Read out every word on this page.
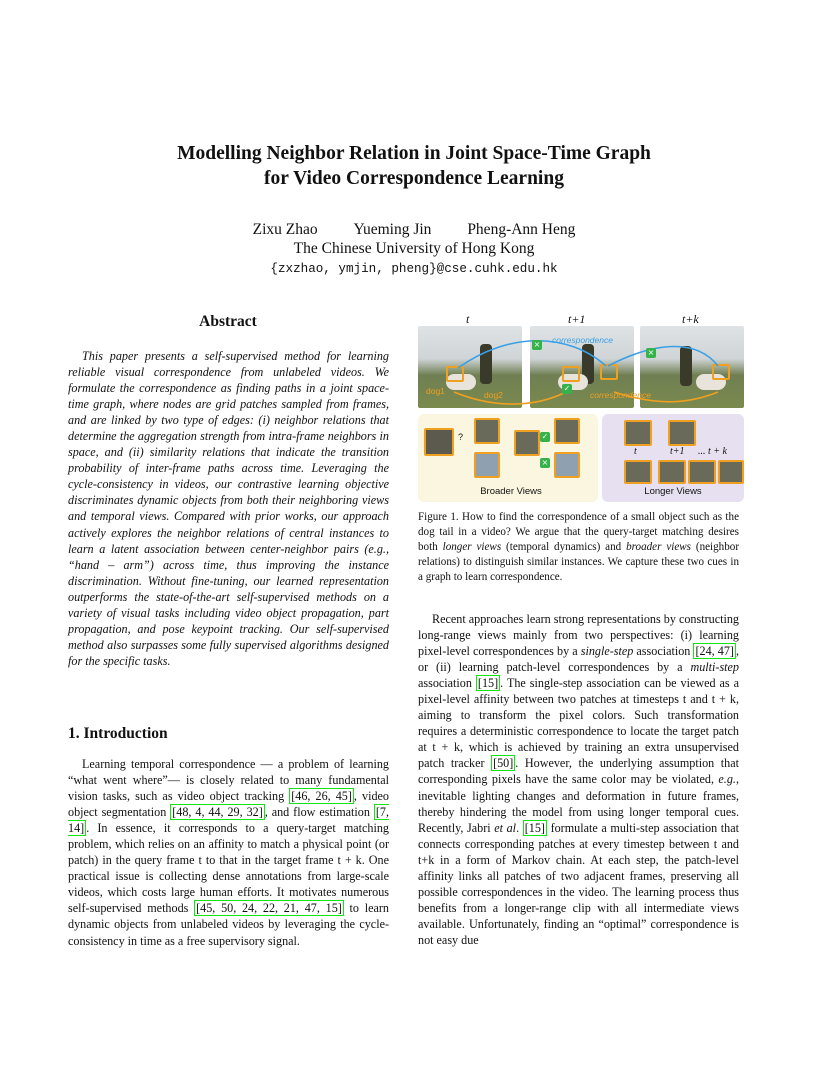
Modelling Neighbor Relation in Joint Space-Time Graph
for Video Correspondence Learning
Zixu Zhao Yueming Jin Pheng-Ann Heng
The Chinese University of Hong Kong
{zxzhao, ymjin, pheng}@cse.cuhk.edu.hk
Abstract
This paper presents a self-supervised method for learning reliable visual correspondence from unlabeled videos. We formulate the correspondence as finding paths in a joint space-time graph, where nodes are grid patches sampled from frames, and are linked by two type of edges: (i) neighbor relations that determine the aggregation strength from intra-frame neighbors in space, and (ii) similarity relations that indicate the transition probability of inter-frame paths across time. Leveraging the cycle-consistency in videos, our contrastive learning objective discriminates dynamic objects from both their neighboring views and temporal views. Compared with prior works, our approach actively explores the neighbor relations of central instances to learn a latent association between center-neighbor pairs (e.g., “hand – arm”) across time, thus improving the instance discrimination. Without fine-tuning, our learned representation outperforms the state-of-the-art self-supervised methods on a variety of visual tasks including video object propagation, part propagation, and pose keypoint tracking. Our self-supervised method also surpasses some fully supervised algorithms designed for the specific tasks.
1. Introduction
Learning temporal correspondence — a problem of learning “what went where”— is closely related to many fundamental vision tasks, such as video object tracking [46, 26, 45] , video object segmentation [48, 4, 44, 29, 32] , and flow estimation [7, 14] . In essence, it corresponds to a query-target matching problem, which relies on an affinity to match a physical point (or patch) in the query frame t to that in the target frame t + k. One practical issue is collecting dense annotations from large-scale videos, which costs large human efforts. It motivates numerous self-supervised methods [45, 50, 24, 22, 21, 47, 15] to learn dynamic objects from unlabeled videos by leveraging the cycle-consistency in time as a free supervisory signal.
t	t+1	t+k
correspondence
correspondence
dog1	dog2
×
×
✓
?	✓
×
Broader Views
t	t+1 ... t + k
Longer Views
Figure 1. How to find the correspondence of a small object such as the dog tail in a video? We argue that the query-target matching desires both longer views (temporal dynamics) and broader views (neighbor relations) to distinguish similar instances. We capture these two cues in a graph to learn correspondence.
Recent approaches learn strong representations by constructing long-range views mainly from two perspectives: (i) learning pixel-level correspondences by a single-step association [24, 47] , or (ii) learning patch-level correspondences by a multi-step association [15] . The single-step association can be viewed as a pixel-level affinity between two patches at timesteps t and t + k, aiming to transform the pixel colors. Such transformation requires a deterministic correspondence to locate the target patch at t + k, which is achieved by training an extra unsupervised patch tracker [50] . However, the underlying assumption that corresponding pixels have the same color may be violated, e.g., inevitable lighting changes and deformation in future frames, thereby hindering the model from using longer temporal cues. Recently, Jabri et al. [15] formulate a multi-step association that connects corresponding patches at every timestep between t and t+k in a form of Markov chain. At each step, the patch-level affinity links all patches of two adjacent frames, preserving all possible correspondences in the video. The learning process thus benefits from a longer-range clip with all intermediate views available. Unfortunately, finding an “optimal” correspondence is not easy due
